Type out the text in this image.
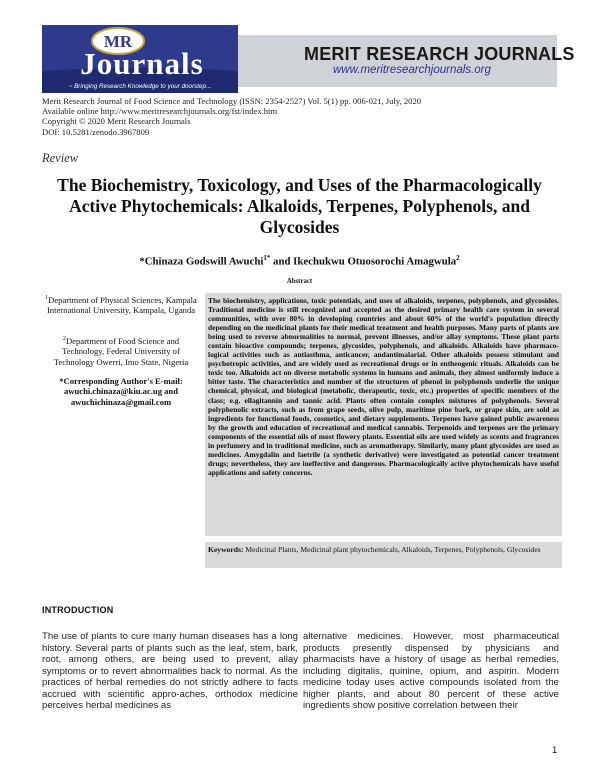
MR
Journals
~ Bringing Research Knowledge to your doorstep...
MERIT RESEARCH JOURNALS
www.meritresearchjournals.org
Merit Research Journal of Food Science and Technology (ISSN: 2354-2527) Vol. 5(1) pp. 006-021, July, 2020
Available online http://www.meritresearchjournals.org/fst/index.htm
Copyright © 2020 Merit Research Journals
DOI: 10.5281/zenodo.3967809
Review
The Biochemistry, Toxicology, and Uses of the Pharmacologically Active Phytochemicals: Alkaloids, Terpenes, Polyphenols, and Glycosides
*Chinaza Godswill Awuchi$^{1*}$ and Ikechukwu Otuosorochi Amagwula$^2$
Abstract
$^1$Department of Physical Sciences, Kampala International University, Kampala, Uganda
$^2$Department of Food Science and Technology, Federal University of Technology Owerri, Imo State, Nigeria
*Corresponding Author's E-mail:
awuchi.chinaza@kiu.ac.ug and awuchichinaza@gmail.com
The biochemistry, applications, toxic potentials, and uses of alkaloids, terpenes, polyphenols, and glycosides. Traditional medicine is still recognized and accepted as the desired primary health care system in several communities, with over 80% in developing countries and about 60% of the world's population directly depending on the medicinal plants for their medical treatment and health purposes. Many parts of plants are being used to reverse abnormalities to normal, prevent illnesses, and/or allay symptoms. These plant parts contain bioactive compounds; terpenes, glycosides, polyphenols, and alkaloids. Alkaloids have pharmaco-logical activities such as antiasthma, anticancer, andantimalarial. Other alkaloids possess stimulant and psychotropic activities, and are widely used as recreational drugs or in entheogenic rituals. Alkaloids can be toxic too. Alkaloids act on diverse metabolic systems in humans and animals, they almost uniformly induce a bitter taste. The characteristics and number of the structures of phenol in polyphenols underlie the unique chemical, physical, and biological (metabolic, therapeutic, toxic, etc.) properties of specific members of the class; e.g. ellagitannin and tannic acid. Plants often contain complex mixtures of polyphenols. Several polyphenolic extracts, such as from grape seeds, olive pulp, maritime pine bark, or grape skin, are sold as ingredients for functional foods, cosmetics, and dietary supplements. Terpenes have gained public awareness by the growth and education of recreational and medical cannabis. Terpenoids and terpenes are the primary components of the essential oils of most flowery plants. Essential oils are used widely as scents and fragrances in perfumery and in traditional medicine, such as aromatherapy. Similarly, many plant glycosides are used as medicines. Amygdalin and laetrile (a synthetic derivative) were investigated as potential cancer treatment drugs; nevertheless, they are ineffective and dangerous. Pharmacologically active phytochemicals have useful applications and safety concerns.
Keywords: Medicinal Plants, Medicinal plant phytochemicals, Alkaloids, Terpenes, Polyphenols, Glycosides
INTRODUCTION
The use of plants to cure many human diseases has a long history. Several parts of plants such as the leaf, stem, bark, root, among others, are being used to prevent, allay symptoms or to revert abnormalities back to normal. As the practices of herbal remedies do not strictly adhere to facts accrued with scientific appro-aches, orthodox medicine perceives herbal medicines as
alternative medicines. However, most pharmaceutical products presently dispensed by physicians and pharmacists have a history of usage as herbal remedies, including digitalis, quinine, opium, and aspirin. Modern medicine today uses active compounds isolated from the higher plants, and about 80 percent of these active ingredients show positive correlation between their
1
